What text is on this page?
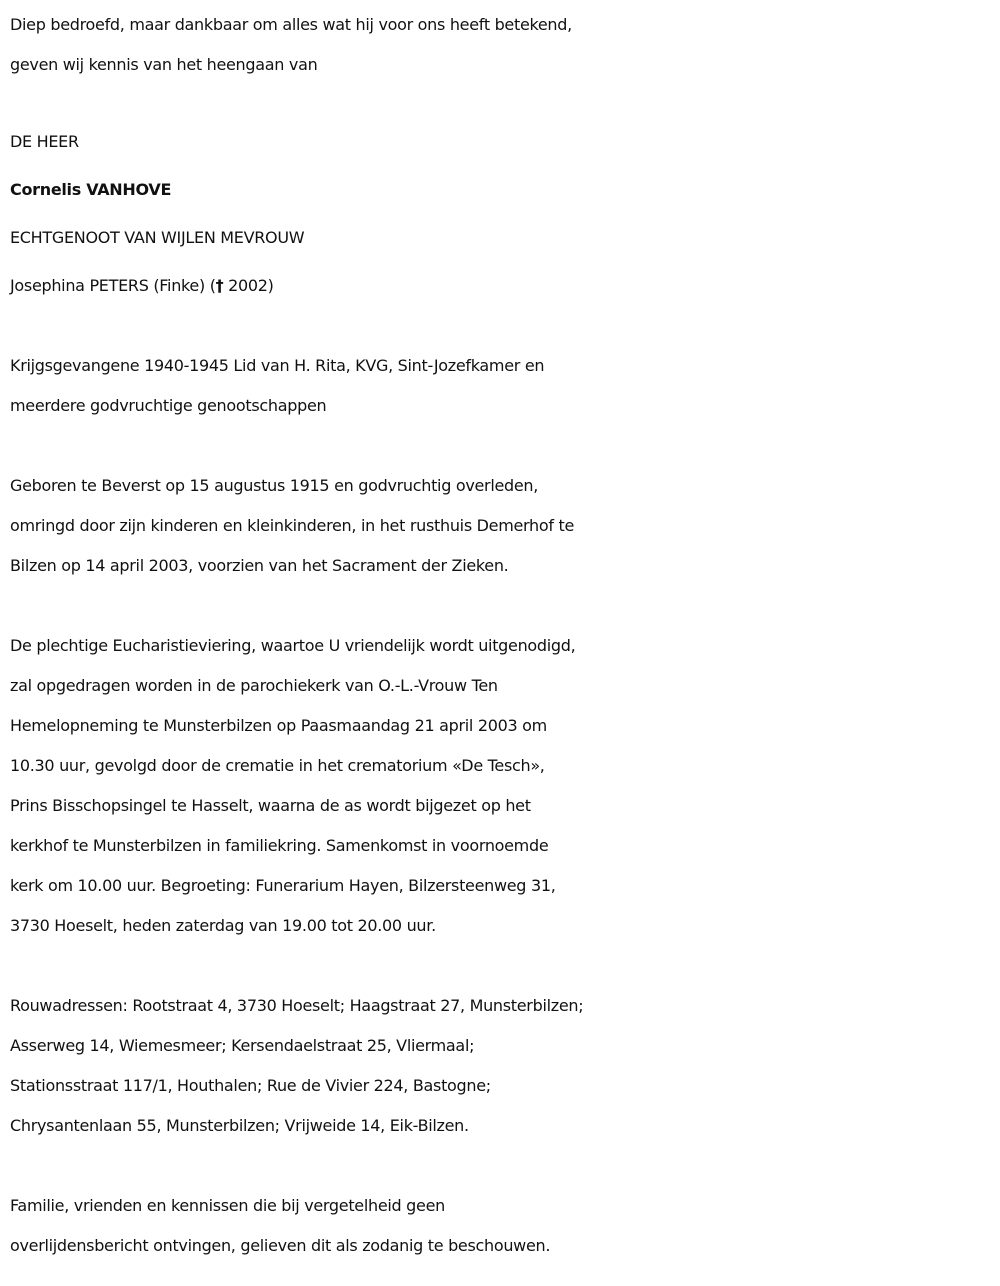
Diep bedroefd, maar dankbaar om alles wat hij voor ons heeft betekend,

geven wij kennis van het heengaan van

DE HEER

Cornelis VANHOVE

ECHTGENOOT VAN WIJLEN MEVROUW

Josephina PETERS (Finke) († 2002)

Krijgsgevangene 1940-1945 Lid van H. Rita, KVG, Sint-Jozefkamer en

meerdere godvruchtige genootschappen

Geboren te Beverst op 15 augustus 1915 en godvruchtig overleden,

omringd door zijn kinderen en kleinkinderen, in het rusthuis Demerhof te

Bilzen op 14 april 2003, voorzien van het Sacrament der Zieken.

De plechtige Eucharistieviering, waartoe U vriendelijk wordt uitgenodigd,

zal opgedragen worden in de parochiekerk van O.-L.-Vrouw Ten

Hemelopneming te Munsterbilzen op Paasmaandag 21 april 2003 om

10.30 uur, gevolgd door de crematie in het crematorium «De Tesch»,

Prins Bisschopsingel te Hasselt, waarna de as wordt bijgezet op het

kerkhof te Munsterbilzen in familiekring. Samenkomst in voornoemde

kerk om 10.00 uur. Begroeting: Funerarium Hayen, Bilzersteenweg 31,

3730 Hoeselt, heden zaterdag van 19.00 tot 20.00 uur.

Rouwadressen: Rootstraat 4, 3730 Hoeselt; Haagstraat 27, Munsterbilzen;

Asserweg 14, Wiemesmeer; Kersendaelstraat 25, Vliermaal;

Stationsstraat 117/1, Houthalen; Rue de Vivier 224, Bastogne;

Chrysantenlaan 55, Munsterbilzen; Vrijweide 14, Eik-Bilzen.

Familie, vrienden en kennissen die bij vergetelheid geen

overlijdensbericht ontvingen, gelieven dit als zodanig te beschouwen.
